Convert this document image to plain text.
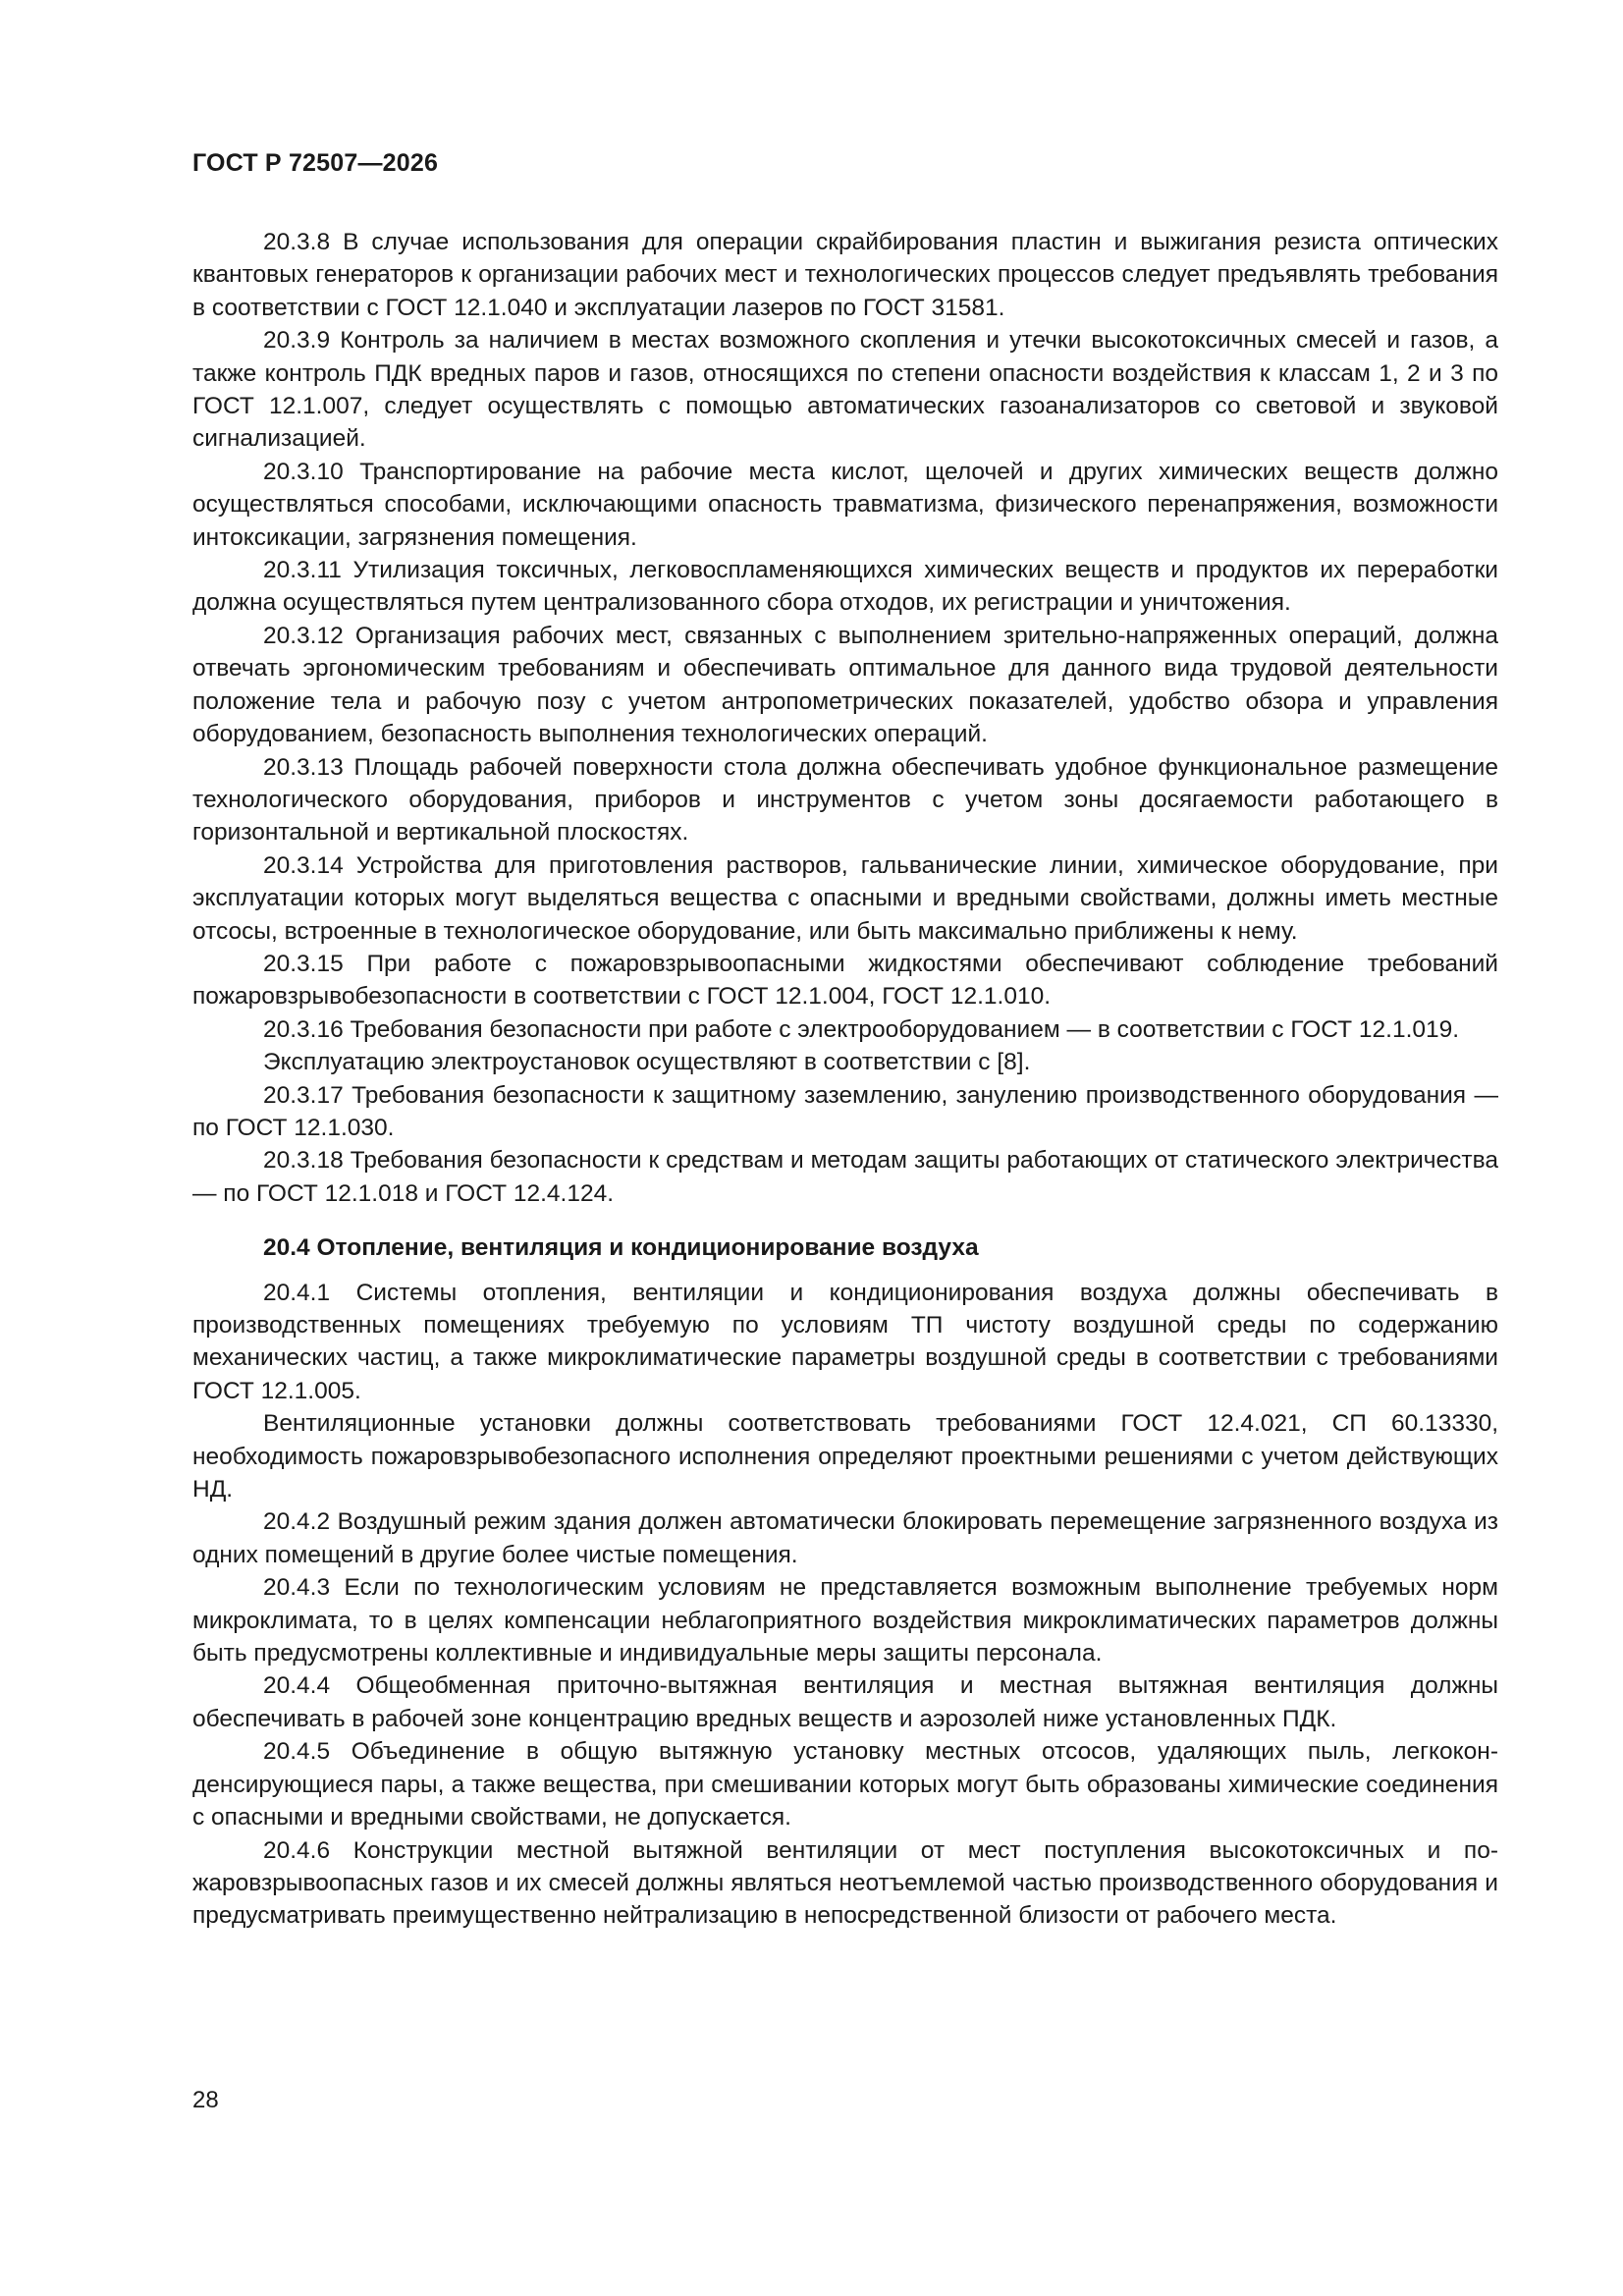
ГОСТ Р 72507—2026

20.3.8 В случае использования для операции скрайбирования пластин и выжигания резиста оптических квантовых генераторов к организации рабочих мест и технологических процессов следует предъявлять требования в соответствии с ГОСТ 12.1.040 и эксплуатации лазеров по ГОСТ 31581.

20.3.9 Контроль за наличием в местах возможного скопления и утечки высокотоксичных смесей и газов, а также контроль ПДК вредных паров и газов, относящихся по степени опасности воздействия к классам 1, 2 и 3 по ГОСТ 12.1.007, следует осуществлять с помощью автоматических газоанализаторов со световой и звуковой сигнализацией.

20.3.10 Транспортирование на рабочие места кислот, щелочей и других химических веществ должно осуществляться способами, исключающими опасность травматизма, физического перенапряжения, возможности интоксикации, загрязнения помещения.

20.3.11 Утилизация токсичных, легковоспламеняющихся химических веществ и продуктов их переработки должна осуществляться путем централизованного сбора отходов, их регистрации и уничтожения.

20.3.12 Организация рабочих мест, связанных с выполнением зрительно-напряженных операций, должна отвечать эргономическим требованиям и обеспечивать оптимальное для данного вида трудовой деятельности положение тела и рабочую позу с учетом антропометрических показателей, удобство обзора и управления оборудованием, безопасность выполнения технологических операций.

20.3.13 Площадь рабочей поверхности стола должна обеспечивать удобное функциональное размещение технологического оборудования, приборов и инструментов с учетом зоны досягаемости работающего в горизонтальной и вертикальной плоскостях.

20.3.14 Устройства для приготовления растворов, гальванические линии, химическое оборудование, при эксплуатации которых могут выделяться вещества с опасными и вредными свойствами, должны иметь местные отсосы, встроенные в технологическое оборудование, или быть максимально приближены к нему.

20.3.15 При работе с пожаровзрывоопасными жидкостями обеспечивают соблюдение требований пожаровзрывобезопасности в соответствии с ГОСТ 12.1.004, ГОСТ 12.1.010.

20.3.16 Требования безопасности при работе с электрооборудованием — в соответствии с ГОСТ 12.1.019.

Эксплуатацию электроустановок осуществляют в соответствии с [8].

20.3.17 Требования безопасности к защитному заземлению, занулению производственного оборудования — по ГОСТ 12.1.030.

20.3.18 Требования безопасности к средствам и методам защиты работающих от статического электричества — по ГОСТ 12.1.018 и ГОСТ 12.4.124.

20.4 Отопление, вентиляция и кондиционирование воздуха

20.4.1 Системы отопления, вентиляции и кондиционирования воздуха должны обеспечивать в производственных помещениях требуемую по условиям ТП чистоту воздушной среды по содержанию механических частиц, а также микроклиматические параметры воздушной среды в соответствии с требованиями ГОСТ 12.1.005.

Вентиляционные установки должны соответствовать требованиями ГОСТ 12.4.021, СП 60.13330, необходимость пожаровзрывобезопасного исполнения определяют проектными решениями с учетом действующих НД.

20.4.2 Воздушный режим здания должен автоматически блокировать перемещение загрязненного воздуха из одних помещений в другие более чистые помещения.

20.4.3 Если по технологическим условиям не представляется возможным выполнение требуемых норм микроклимата, то в целях компенсации неблагоприятного воздействия микроклиматических параметров должны быть предусмотрены коллективные и индивидуальные меры защиты персонала.

20.4.4 Общеобменная приточно-вытяжная вентиляция и местная вытяжная вентиляция должны обеспечивать в рабочей зоне концентрацию вредных веществ и аэрозолей ниже установленных ПДК.

20.4.5 Объединение в общую вытяжную установку местных отсосов, удаляющих пыль, легкоконденсирующиеся пары, а также вещества, при смешивании которых могут быть образованы химические соединения с опасными и вредными свойствами, не допускается.

20.4.6 Конструкции местной вытяжной вентиляции от мест поступления высокотоксичных и пожаровзрывоопасных газов и их смесей должны являться неотъемлемой частью производственного оборудования и предусматривать преимущественно нейтрализацию в непосредственной близости от рабочего места.

28
